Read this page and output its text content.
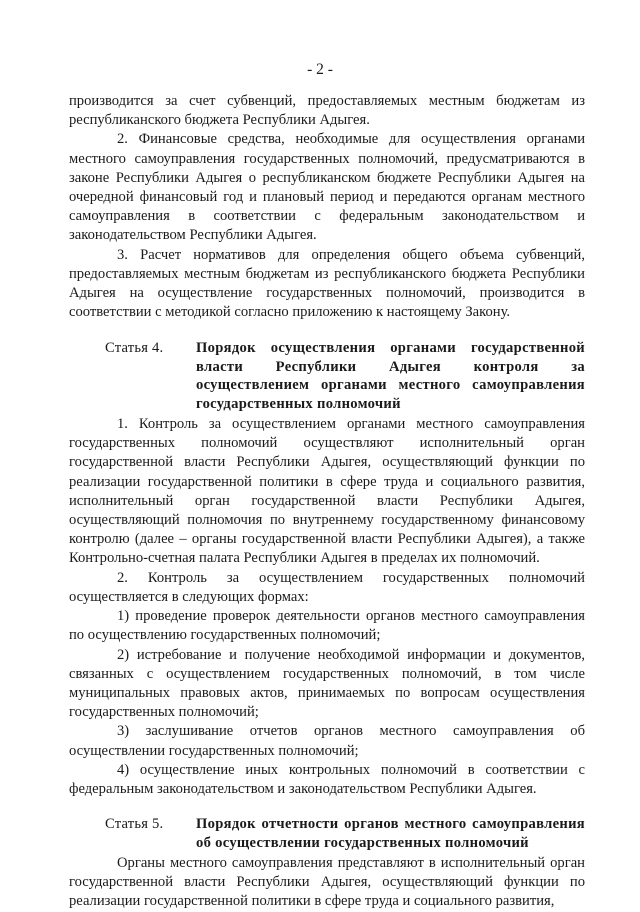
- 2 -

производится за счет субвенций, предоставляемых местным бюджетам из республиканского бюджета Республики Адыгея.

2. Финансовые средства, необходимые для осуществления органами местного самоуправления государственных полномочий, предусматриваются в законе Республики Адыгея о республиканском бюджете Республики Адыгея на очередной финансовый год и плановый период и передаются органам местного самоуправления в соответствии с федеральным законодательством и законодательством Республики Адыгея.

3. Расчет нормативов для определения общего объема субвенций, предоставляемых местным бюджетам из республиканского бюджета Республики Адыгея на осуществление государственных полномочий, производится в соответствии с методикой согласно приложению к настоящему Закону.

Статья 4.	Порядок осуществления органами государственной власти Республики Адыгея контроля за осуществлением органами местного самоуправления государственных полномочий

1. Контроль за осуществлением органами местного самоуправления государственных полномочий осуществляют исполнительный орган государственной власти Республики Адыгея, осуществляющий функции по реализации государственной политики в сфере труда и социального развития, исполнительный орган государственной власти Республики Адыгея, осуществляющий полномочия по внутреннему государственному финансовому контролю (далее – органы государственной власти Республики Адыгея), а также Контрольно-счетная палата Республики Адыгея в пределах их полномочий.

2. Контроль за осуществлением государственных полномочий осуществляется в следующих формах:

1) проведение проверок деятельности органов местного самоуправления по осуществлению государственных полномочий;

2) истребование и получение необходимой информации и документов, связанных с осуществлением государственных полномочий, в том числе муниципальных правовых актов, принимаемых по вопросам осуществления государственных полномочий;

3) заслушивание отчетов органов местного самоуправления об осуществлении государственных полномочий;

4) осуществление иных контрольных полномочий в соответствии с федеральным законодательством и законодательством Республики Адыгея.

Статья 5.	Порядок отчетности органов местного самоуправления об осуществлении государственных полномочий

Органы местного самоуправления представляют в исполнительный орган государственной власти Республики Адыгея, осуществляющий функции по реализации государственной политики в сфере труда и социального развития,
